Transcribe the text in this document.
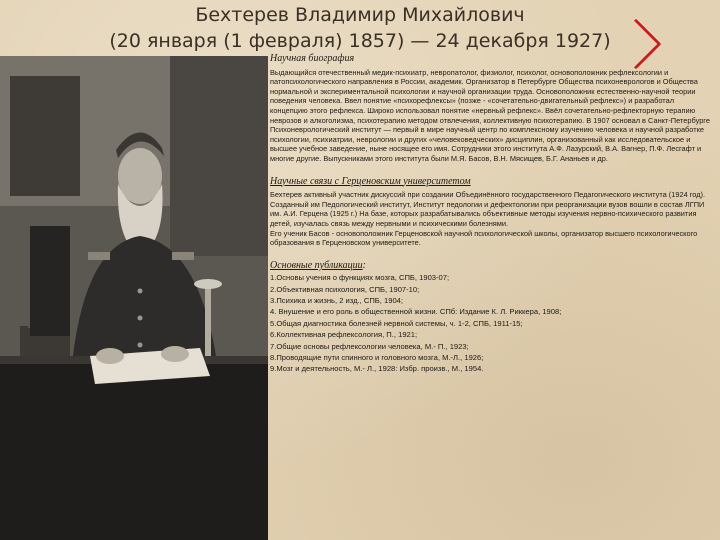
Бехтерев Владимир Михайлович
(20 января (1 февраля) 1857) — 24 декабря 1927)
Научная биография

Выдающийся отечественный медик-психиатр, невропатолог, физиолог, психолог, основоположник рефлексологии и патопсихологического направления в России, академик. Организатор в Петербурге Общества психоневрологов и Общества нормальной и экспериментальной психологии и научной организации труда. Основоположник естественно-научной теории поведения человека. Ввел понятие «психорефлексы» (позже - «сочетательно-двигательный рефлекс») и разработал концепцию этого рефлекса. Широко использовал понятие «нервный рефлекс». Ввёл сочетательно-рефлекторную терапию неврозов и алкоголизма, психотерапию методом отвлечения, коллективную психотерапию. В 1907 основал в Санкт-Петербурге Психоневрологический институт — первый в мире научный центр по комплексному изучению человека и научной разработке психологии, психиатрии, неврологии и других «человековедческих» дисциплин, организованный как исследовательское и высшее учебное заведение, ныне носящее его имя. Сотрудники этого института А.Ф. Лазурский, В.А. Вагнер, П.Ф. Лесгафт и многие другие. Выпускниками этого института были М.Я. Басов, В.Н. Мясищев, Б.Г. Ананьев и др.

Научные связи с Герценовским университетом

Бехтерев активный участник дискуссий при создании Объединённого государственного Педагогического института (1924 год).

Созданный им Педологический институт, Институт педологии и дефектологии при реорганизации вузов вошли в состав ЛГПИ им. А.И. Герцена (1925 г.) На базе, которых разрабатывались объективные методы изучения нервно-психического развития детей, изучалась связь между нервными и психическими болезнями.

Его ученик Басов - основоположник Герценовской научной психологической школы, организатор высшего психологического образования в Герценовском университете.

Основные публикации:

1.Основы учения о функциях мозга, СПБ, 1903-07;

2.Объективная психология, СПБ, 1907-10;

3.Психика и жизнь, 2 изд., СПБ, 1904;

4. Внушение и его роль в общественной жизни. СПб: Издание К. Л. Риккера, 1908;

5.Общая диагностика болезней нервной системы, ч. 1-2, СПБ, 1911-15;

6.Коллективная рефлексология, П., 1921;

7.Общие основы рефлексологии человека, М.- П., 1923;

8.Проводящие пути спинного и головного мозга, М.-Л., 1926;

9.Мозг и деятельность, М.- Л., 1928: Избр. произв., М., 1954.
